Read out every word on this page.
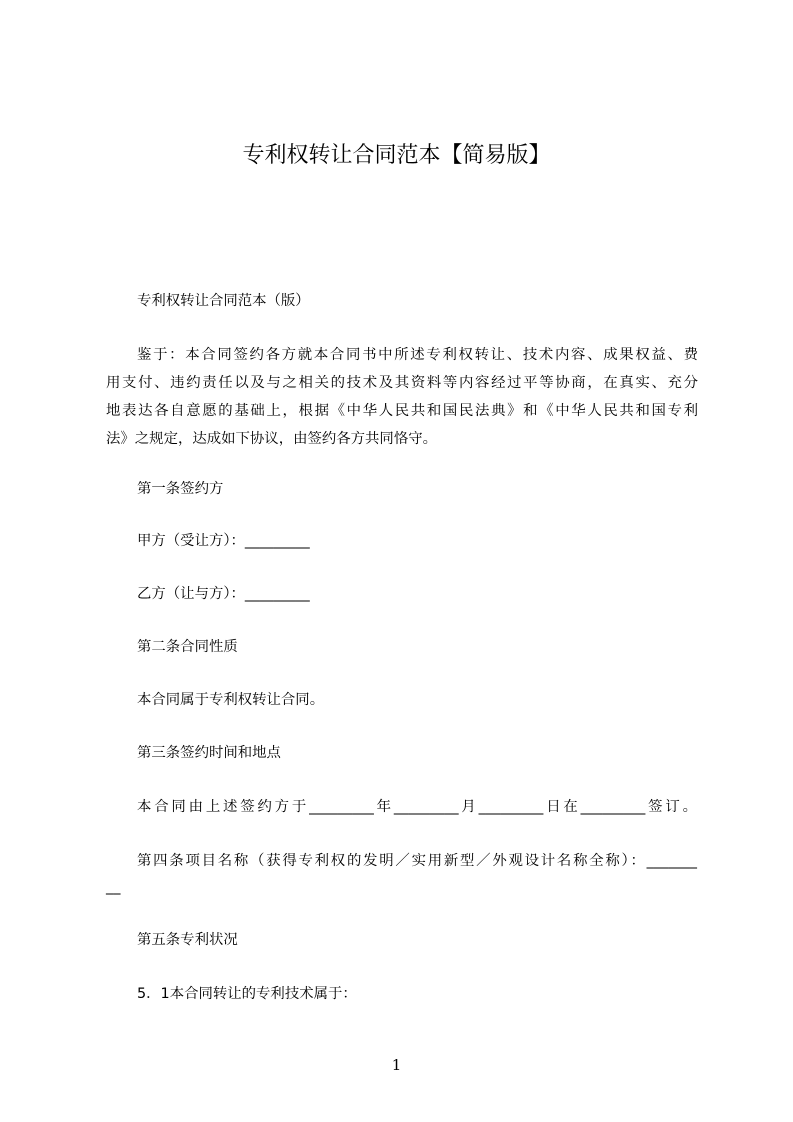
专利权转让合同范本【简易版】
专利权转让合同范本（版）

鉴于：本合同签约各方就本合同书中所述专利权转让、技术内容、成果权益、费

用支付、违约责任以及与之相关的技术及其资料等内容经过平等协商，在真实、充分

地表达各自意愿的基础上，根据《中华人民共和国民法典》和《中华人民共和国专利

法》之规定，达成如下协议，由签约各方共同恪守。

第一条签约方
甲方（受让方）：_________
乙方（让与方）：_________
第二条合同性质
本合同属于专利权转让合同。
第三条签约时间和地点
本合同由上述签约方于_________年_________月_________日在_________签订。
第四条项目名称（获得专利权的发明／实用新型／外观设计名称全称）：_______
__
第五条专利状况
5．1本合同转让的专利技术属于：
1
